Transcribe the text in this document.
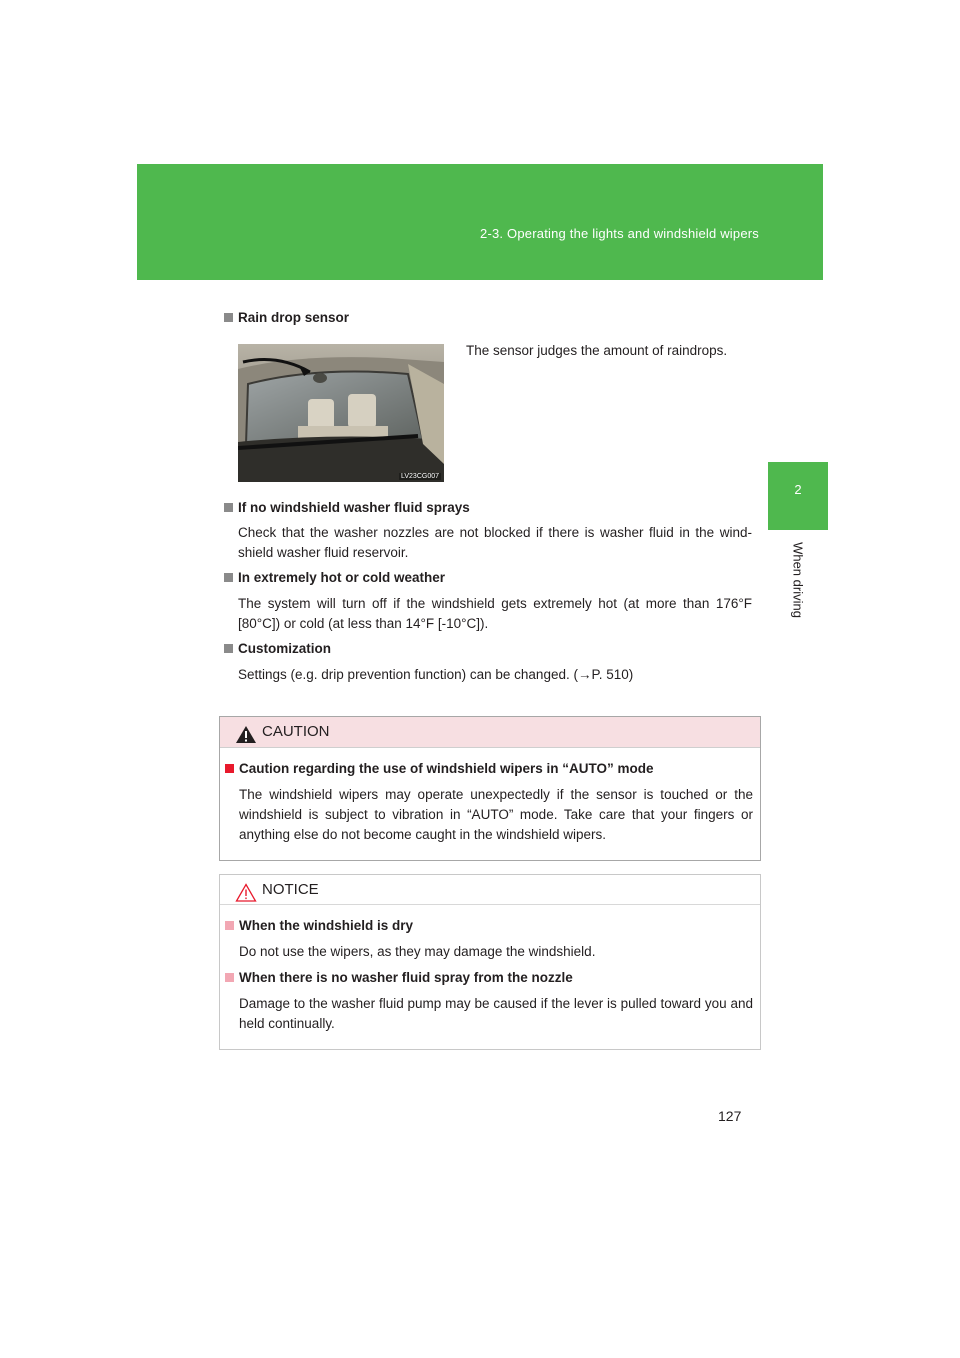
2-3. Operating the lights and windshield wipers
2
When driving
Rain drop sensor
LV23CG007
The sensor judges the amount of raindrops.
If no windshield washer fluid sprays
Check that the washer nozzles are not blocked if there is washer fluid in the wind-shield washer fluid reservoir.
In extremely hot or cold weather
The system will turn off if the windshield gets extremely hot (at more than 176°F [80°C]) or cold (at less than 14°F [-10°C]).
Customization
Settings (e.g. drip prevention function) can be changed. (→P. 510)
CAUTION
Caution regarding the use of windshield wipers in “AUTO” mode
The windshield wipers may operate unexpectedly if the sensor is touched or the windshield is subject to vibration in “AUTO” mode. Take care that your fingers or anything else do not become caught in the windshield wipers.
NOTICE
When the windshield is dry
Do not use the wipers, as they may damage the windshield.
When there is no washer fluid spray from the nozzle
Damage to the washer fluid pump may be caused if the lever is pulled toward you and held continually.
127
